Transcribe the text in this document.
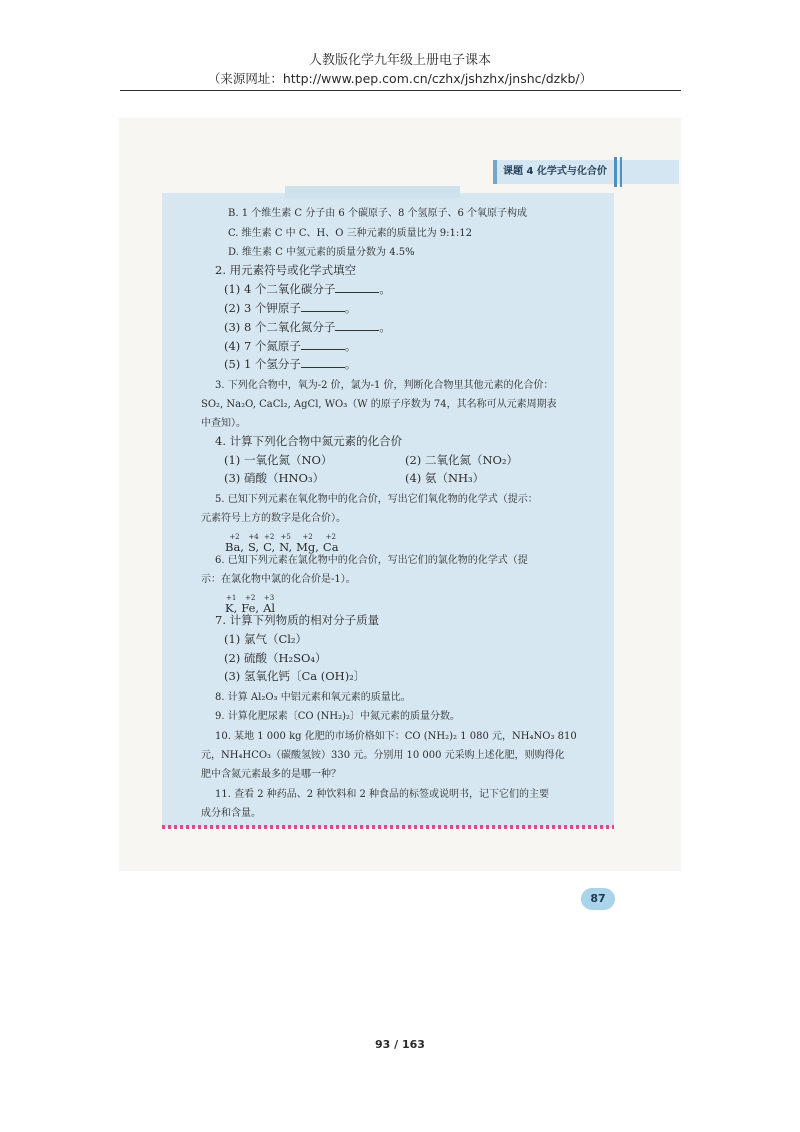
人教版化学九年级上册电子课本
（来源网址：http://www.pep.com.cn/czhx/jshzhx/jnshc/dzkb/）
课题 4 化学式与化合价
B. 1 个维生素 C 分子由 6 个碳原子、8 个氢原子、6 个氧原子构成
C. 维生素 C 中 C、H、O 三种元素的质量比为 9:1:12
D. 维生素 C 中氢元素的质量分数为 4.5%
2. 用元素符号或化学式填空
(1) 4 个二氧化碳分子	。
(2) 3 个钾原子	。
(3) 8 个二氧化氮分子	。
(4) 7 个氮原子	。
(5) 1 个氢分子	。
3. 下列化合物中，氧为-2 价，氯为-1 价，判断化合物里其他元素的化合价：
SO₂, Na₂O, CaCl₂, AgCl, WO₃（W 的原子序数为 74，其名称可从元素周期表
中查知）。
4. 计算下列化合物中氮元素的化合价
(1) 一氧化氮（NO）	(2) 二氧化氮（NO₂）
(3) 硝酸（HNO₃）	(4) 氨（NH₃）
5. 已知下列元素在氧化物中的化合价，写出它们氧化物的化学式（提示：
元素符号上方的数字是化合价）。
+2
Ba,
+4
S,
+2
C,
+5
N,
+2
Mg,
+2
Ca
6. 已知下列元素在氯化物中的化合价，写出它们的氯化物的化学式（提
示：在氯化物中氯的化合价是-1）。
+1
K,
+2
Fe,
+3
Al
7. 计算下列物质的相对分子质量
(1) 氯气（Cl₂）
(2) 硫酸（H₂SO₄）
(3) 氢氧化钙〔Ca (OH)₂〕
8. 计算 Al₂O₃ 中铝元素和氧元素的质量比。
9. 计算化肥尿素〔CO (NH₂)₂〕中氮元素的质量分数。
10. 某地 1 000 kg 化肥的市场价格如下：CO (NH₂)₂ 1 080 元，NH₄NO₃ 810
元，NH₄HCO₃（碳酸氢铵）330 元。分别用 10 000 元采购上述化肥，则购得化
肥中含氮元素最多的是哪一种？
11. 查看 2 种药品、2 种饮料和 2 种食品的标签或说明书，记下它们的主要
成分和含量。
87
93 / 163
